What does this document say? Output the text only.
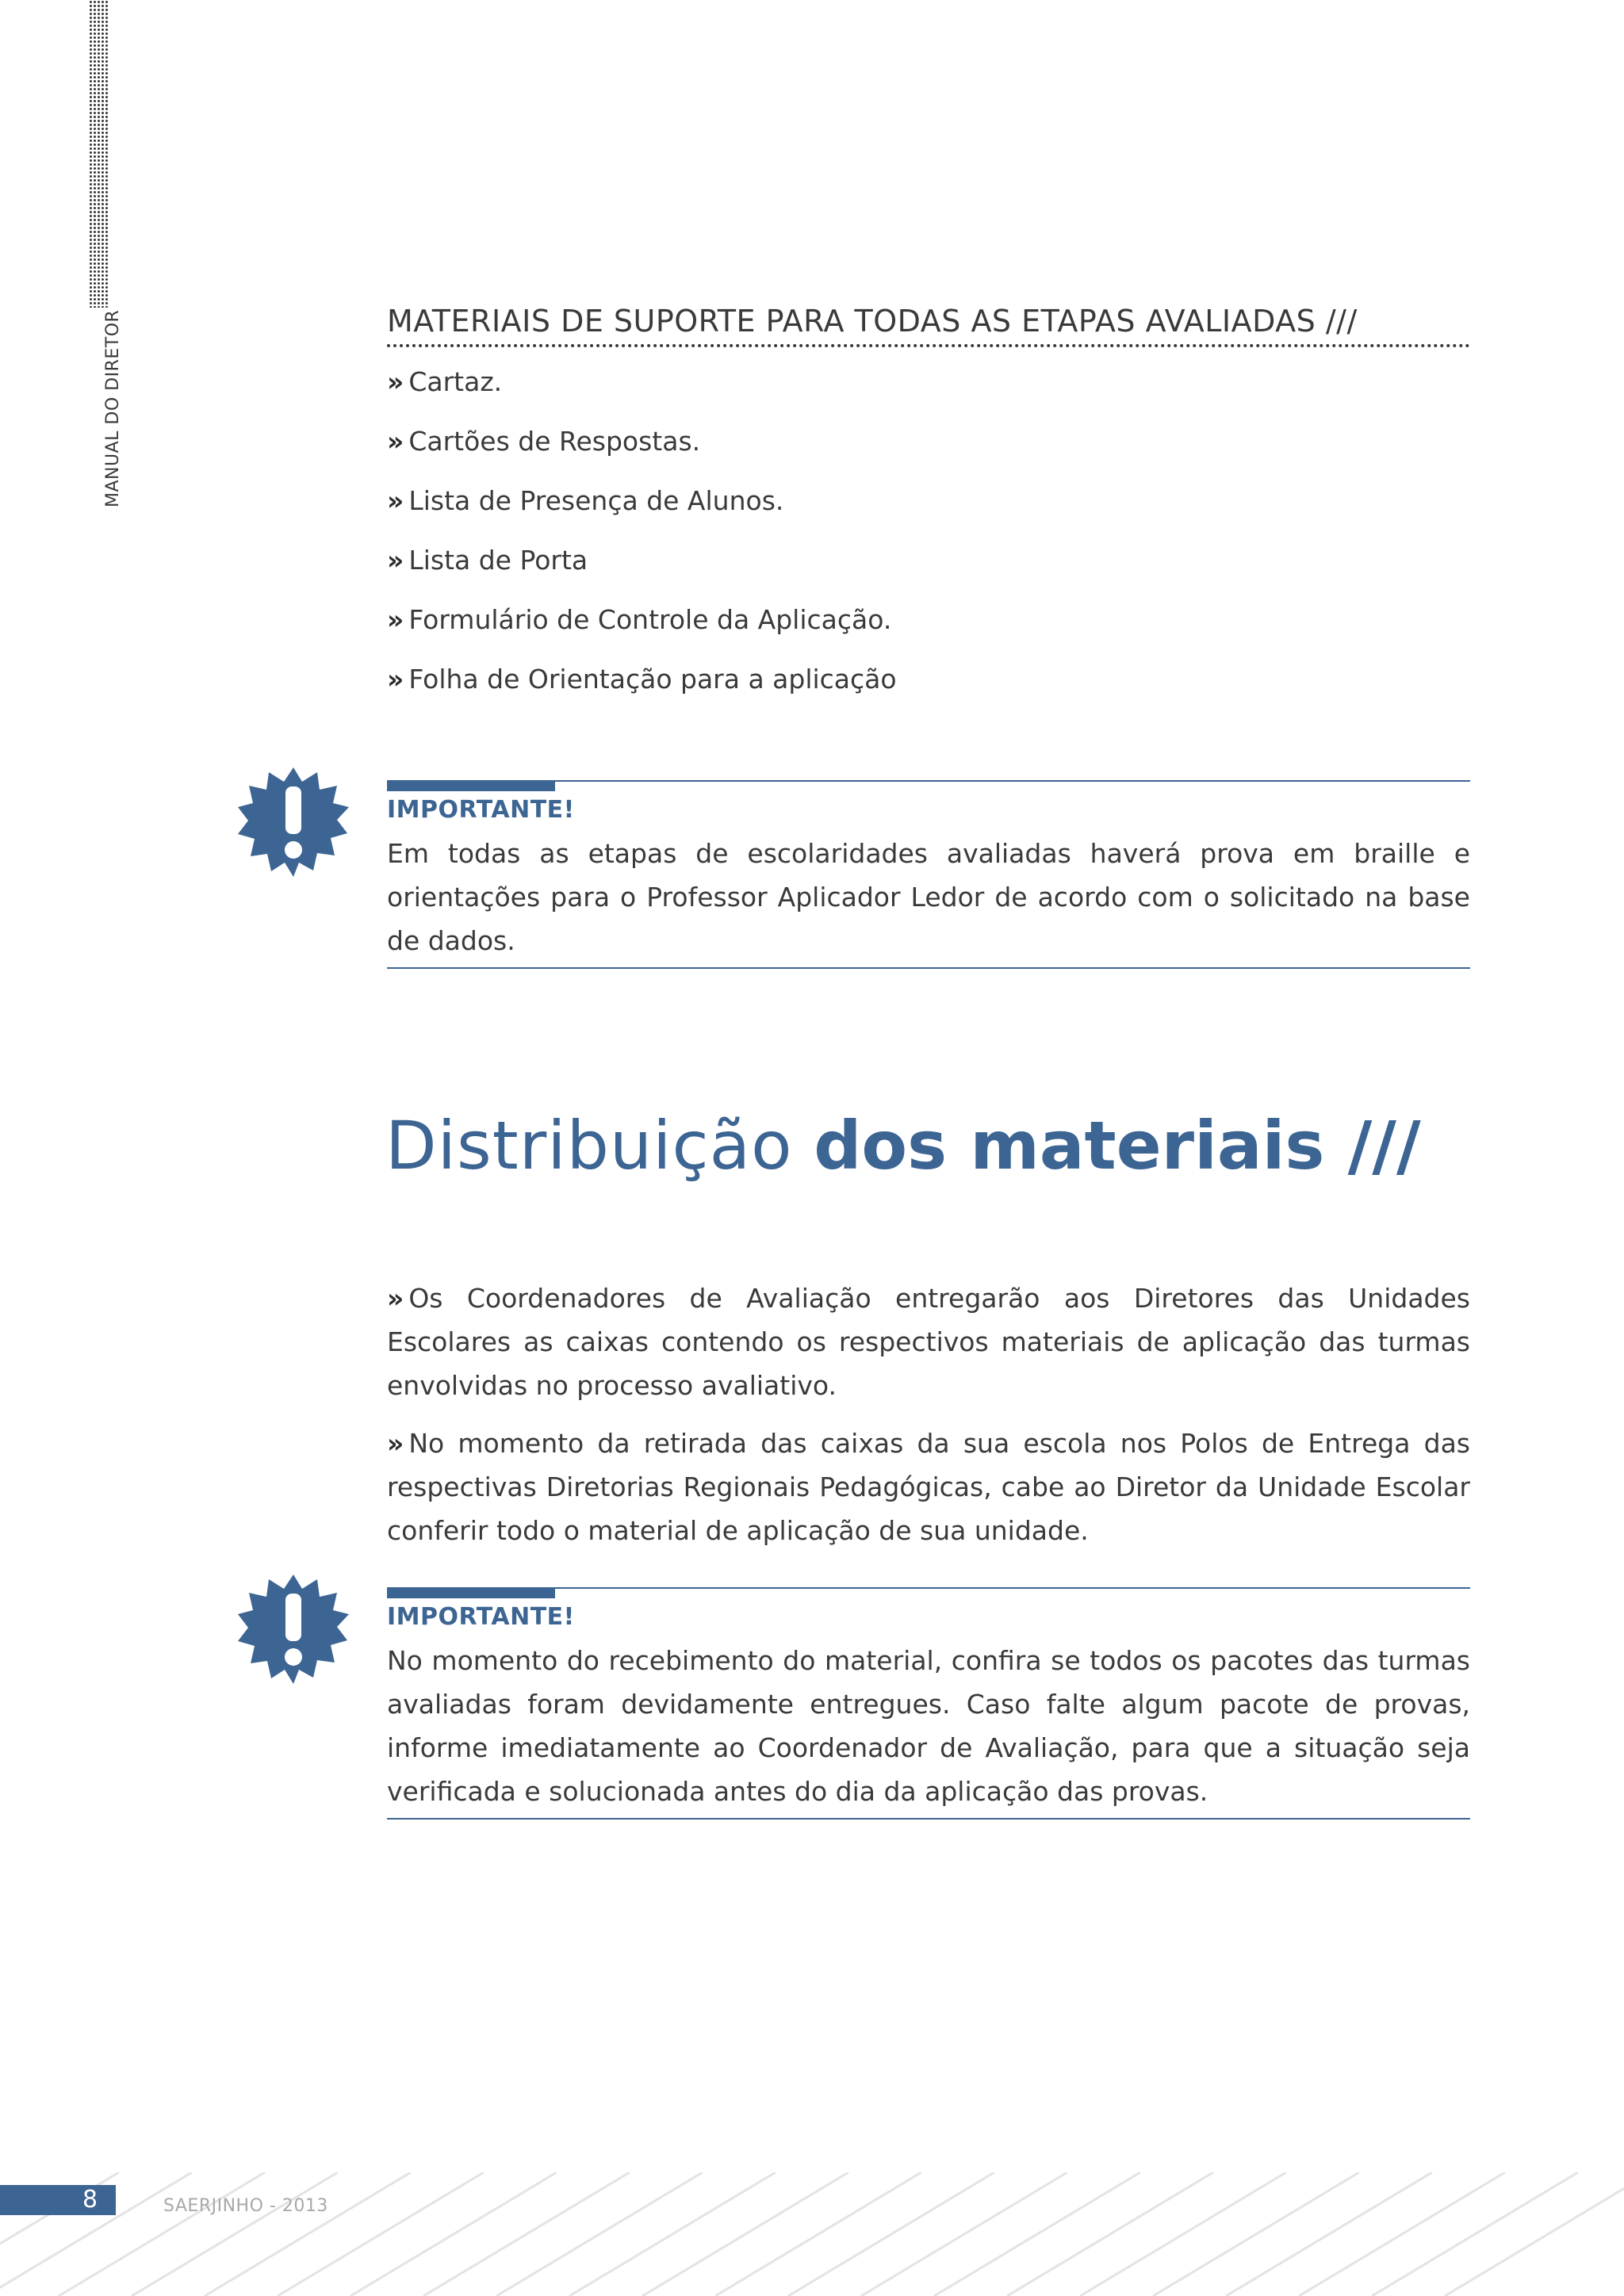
MANUAL DO DIRETOR	MATERIAIS DE SUPORTE PARA TODAS AS ETAPAS AVALIADAS ///
» Cartaz.
» Cartões de Respostas.
» Lista de Presença de Alunos.
» Lista de Porta
» Formulário de Controle da Aplicação.
» Folha de Orientação para a aplicação
IMPORTANTE!

Em todas as etapas de escolaridades avaliadas haverá prova em braille e orientações para o Professor Aplicador Ledor de acordo com o solicitado na base de dados.

Distribuição dos materiais ///

» Os Coordenadores de Avaliação entregarão aos Diretores das Unidades Escolares as caixas contendo os respectivos materiais de aplicação das turmas envolvidas no processo avaliativo.

» No momento da retirada das caixas da sua escola nos Polos de Entrega das respectivas Diretorias Regionais Pedagógicas, cabe ao Diretor da Unidade Escolar conferir todo o material de aplicação de sua unidade.

IMPORTANTE!

No momento do recebimento do material, confira se todos os pacotes das turmas avaliadas foram devidamente entregues. Caso falte algum pacote de provas, informe imediatamente ao Coordenador de Avaliação, para que a situação seja verificada e solucionada antes do dia da aplicação das provas.

8	SAERJINHO - 2013
